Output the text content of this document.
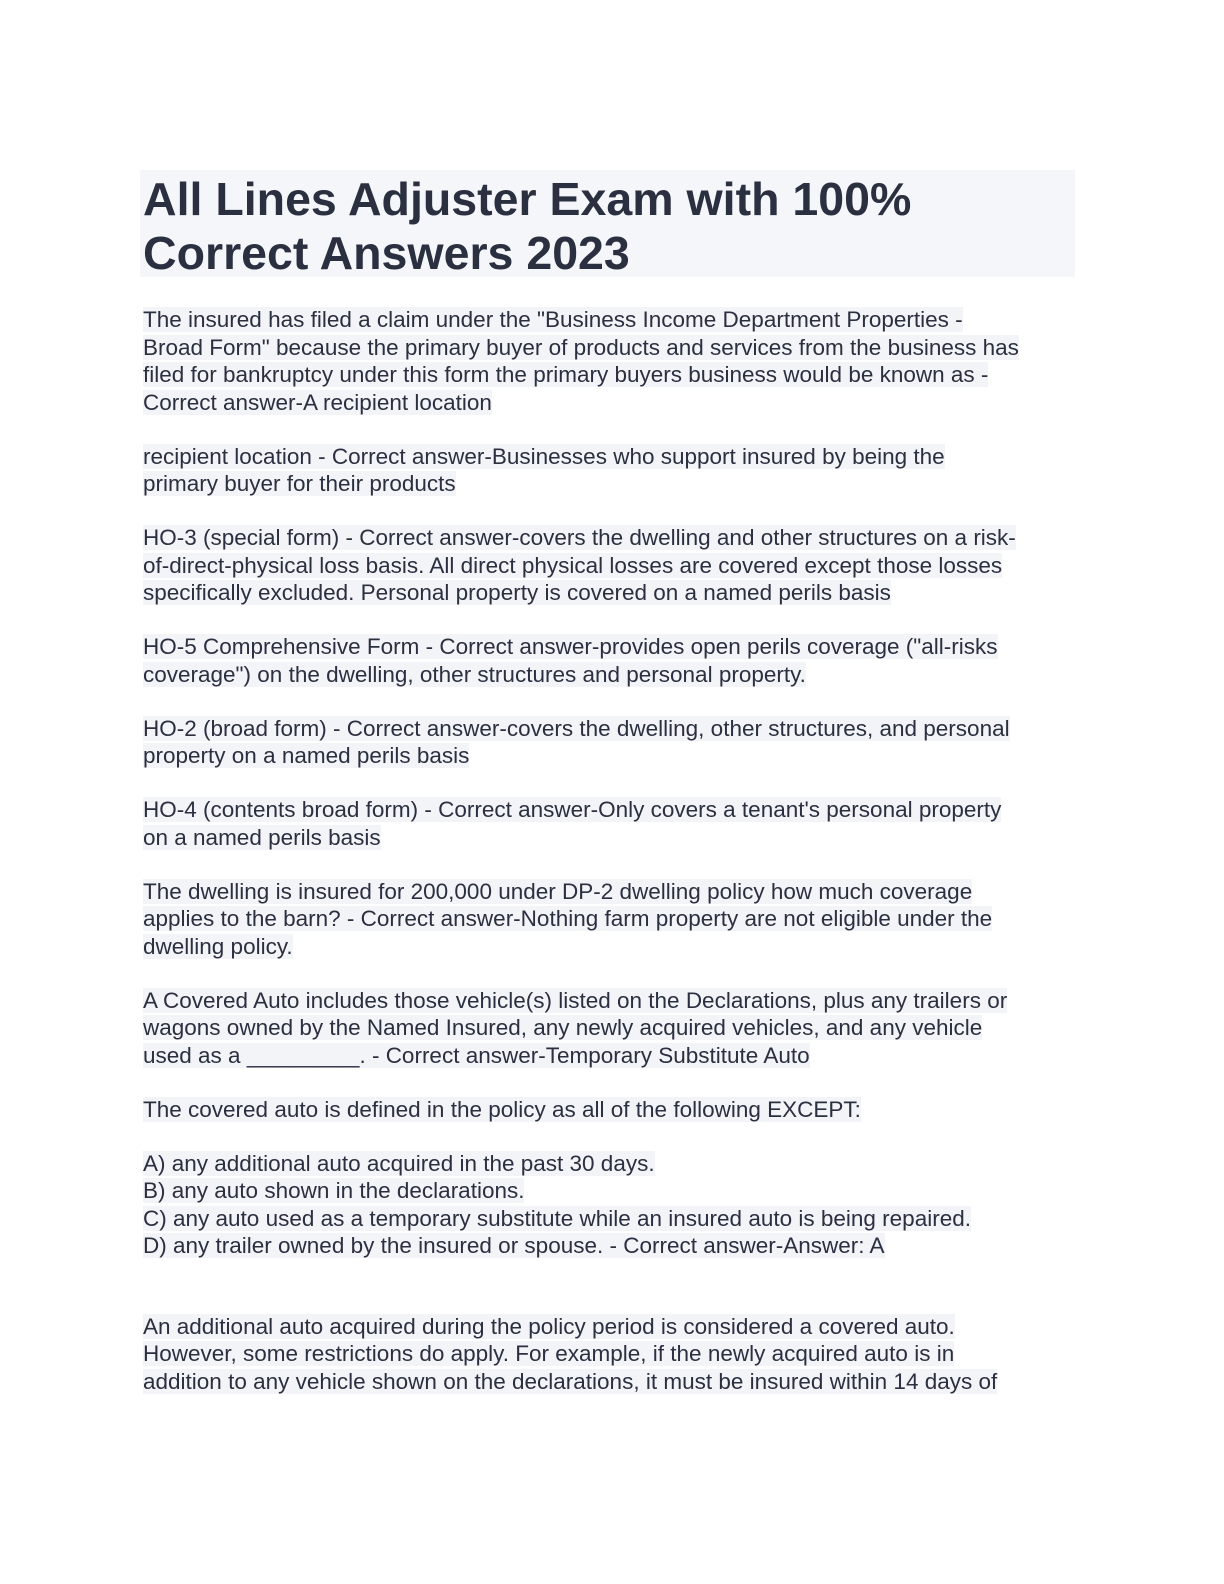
All Lines Adjuster Exam with 100%
Correct Answers 2023

The insured has filed a claim under the "Business Income Department Properties -
Broad Form" because the primary buyer of products and services from the business has
filed for bankruptcy under this form the primary buyers business would be known as -
Correct answer-A recipient location

recipient location - Correct answer-Businesses who support insured by being the
primary buyer for their products

HO-3 (special form) - Correct answer-covers the dwelling and other structures on a risk-
of-direct-physical loss basis. All direct physical losses are covered except those losses
specifically excluded. Personal property is covered on a named perils basis

HO-5 Comprehensive Form - Correct answer-provides open perils coverage ("all-risks
coverage") on the dwelling, other structures and personal property.

HO-2 (broad form) - Correct answer-covers the dwelling, other structures, and personal
property on a named perils basis

HO-4 (contents broad form) - Correct answer-Only covers a tenant's personal property
on a named perils basis

The dwelling is insured for 200,000 under DP-2 dwelling policy how much coverage
applies to the barn? - Correct answer-Nothing farm property are not eligible under the
dwelling policy.

A Covered Auto includes those vehicle(s) listed on the Declarations, plus any trailers or
wagons owned by the Named Insured, any newly acquired vehicles, and any vehicle
used as a _________. - Correct answer-Temporary Substitute Auto

The covered auto is defined in the policy as all of the following EXCEPT:

A) any additional auto acquired in the past 30 days.
B) any auto shown in the declarations.
C) any auto used as a temporary substitute while an insured auto is being repaired.
D) any trailer owned by the insured or spouse. - Correct answer-Answer: A

An additional auto acquired during the policy period is considered a covered auto.
However, some restrictions do apply. For example, if the newly acquired auto is in
addition to any vehicle shown on the declarations, it must be insured within 14 days of
